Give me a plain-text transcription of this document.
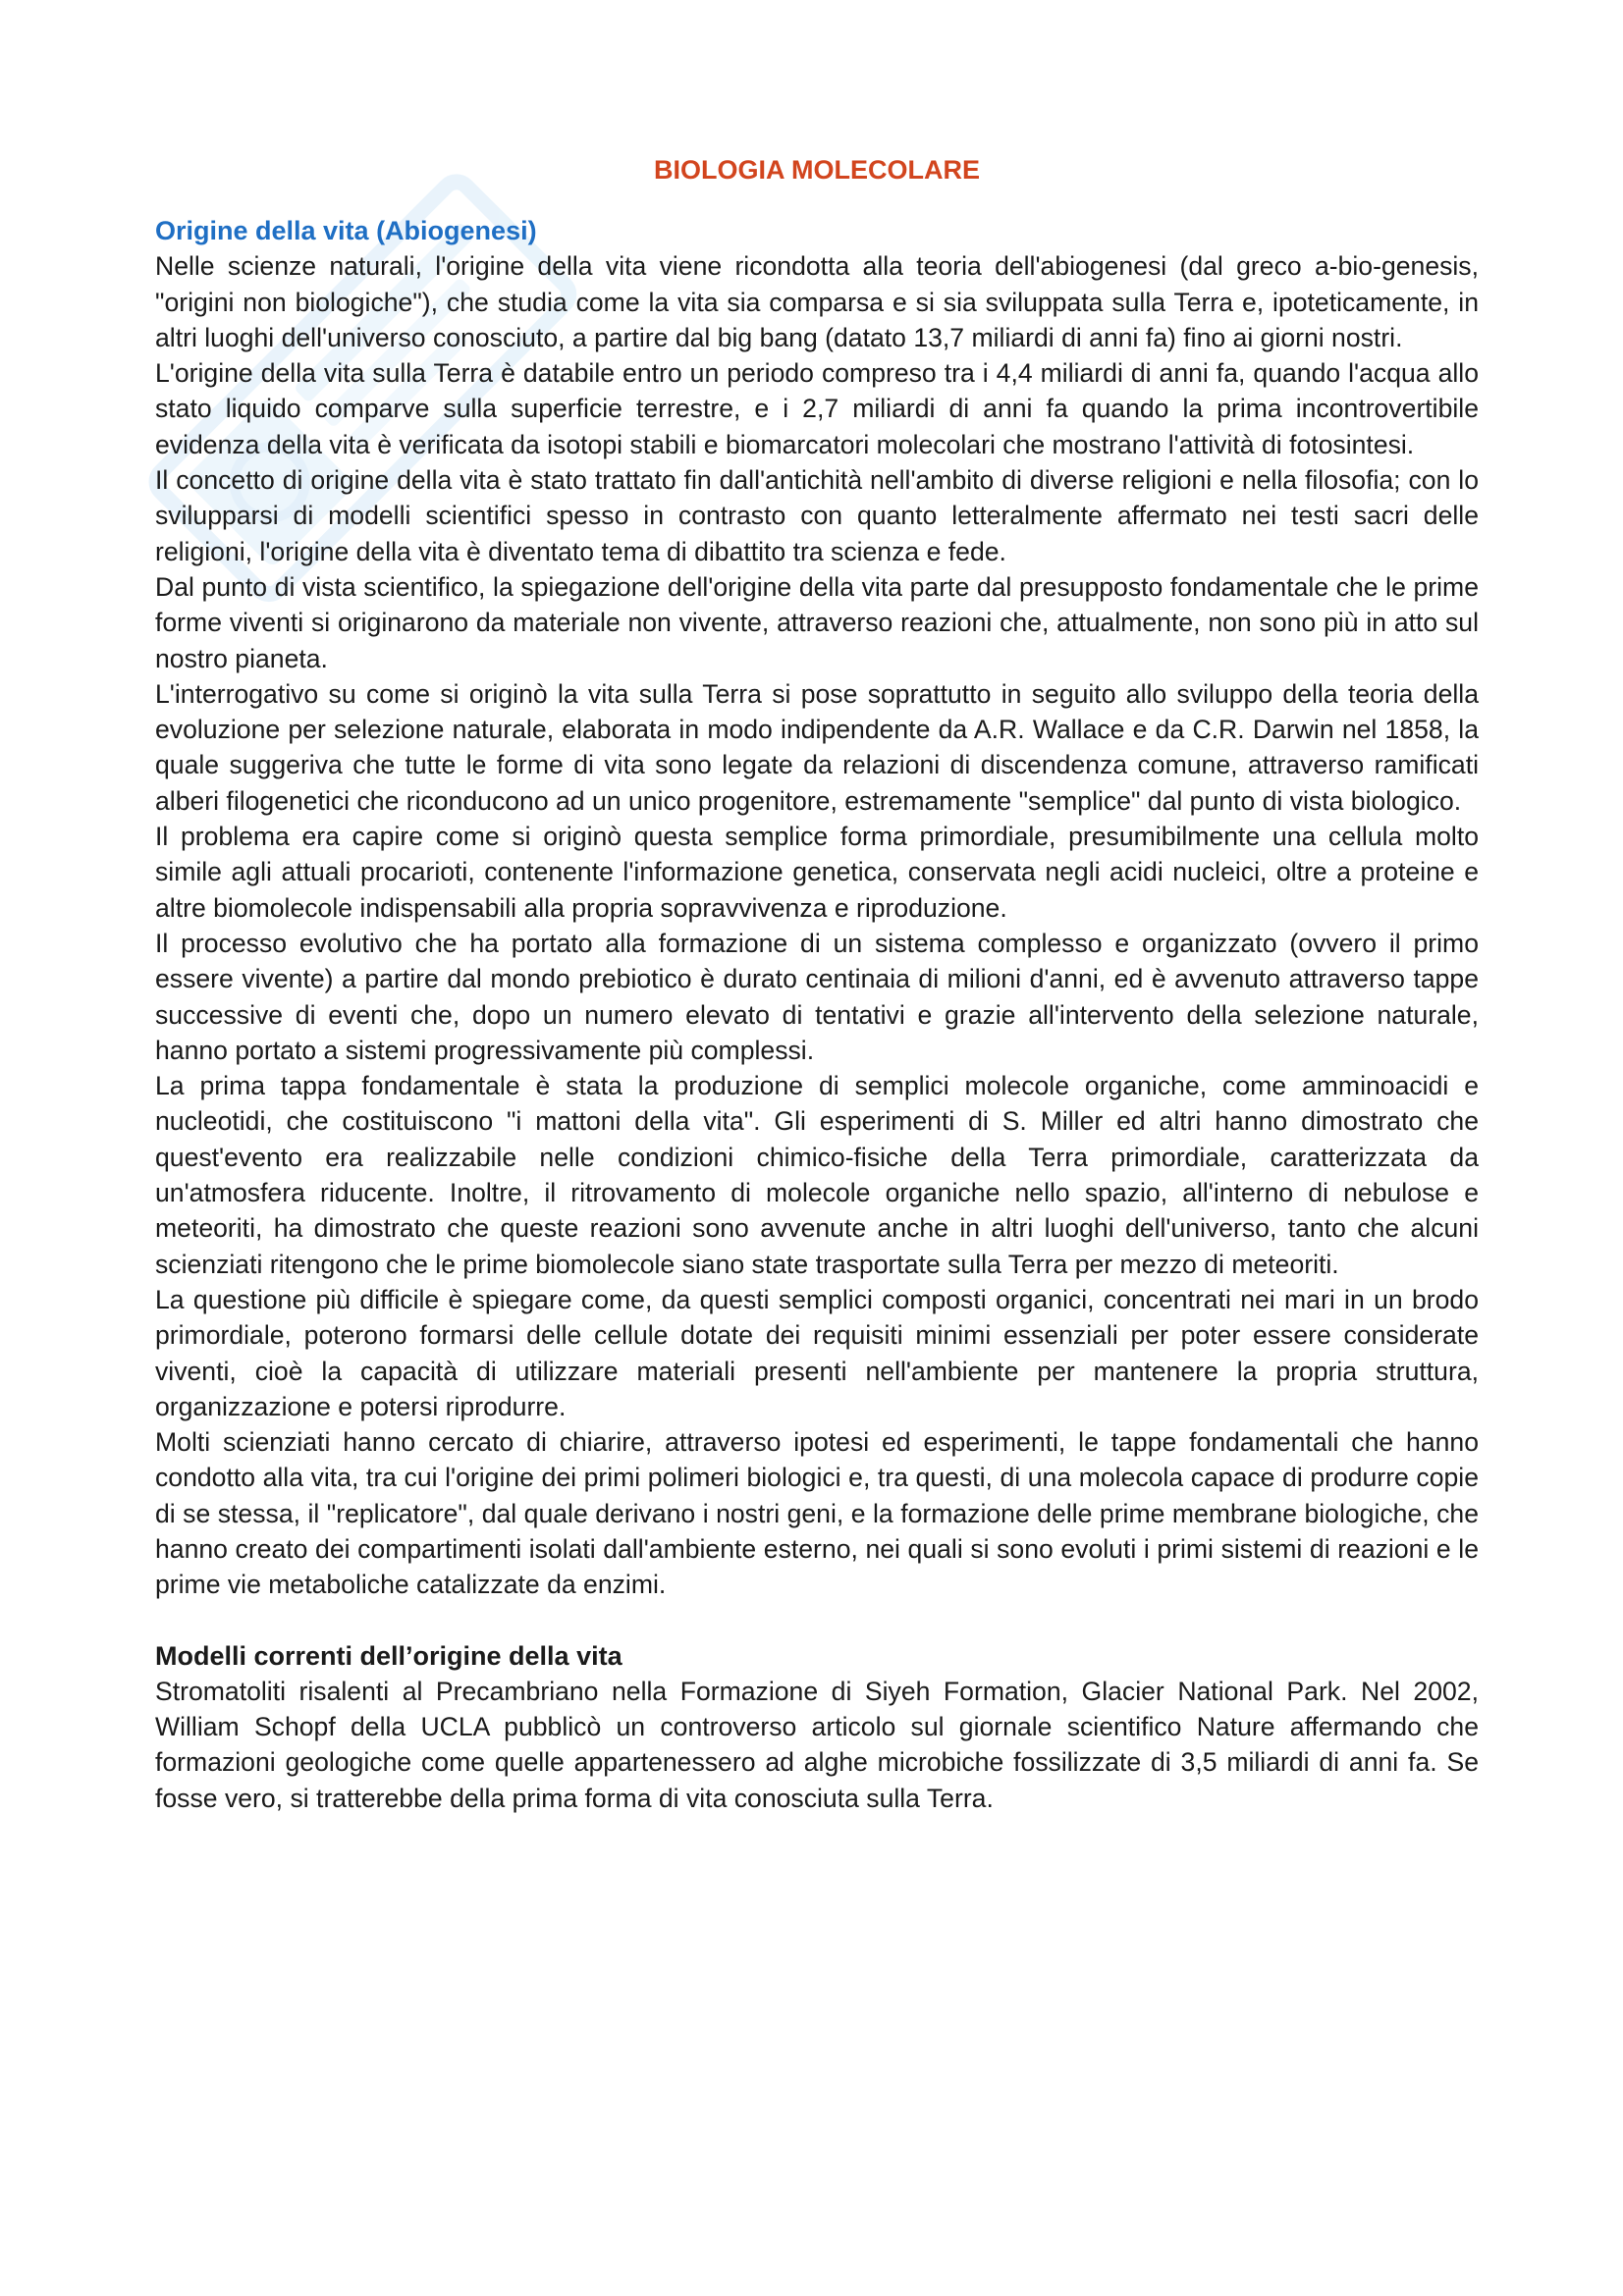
BIOLOGIA MOLECOLARE
Origine della vita (Abiogenesi)

Nelle scienze naturali, l'origine della vita viene ricondotta alla teoria dell'abiogenesi (dal greco a-bio-genesis, "origini non biologiche"), che studia come la vita sia comparsa e si sia sviluppata sulla Terra e, ipoteticamente, in altri luoghi dell'universo conosciuto, a partire dal big bang (datato 13,7 miliardi di anni fa) fino ai giorni nostri.

L'origine della vita sulla Terra è databile entro un periodo compreso tra i 4,4 miliardi di anni fa, quando l'acqua allo stato liquido comparve sulla superficie terrestre, e i 2,7 miliardi di anni fa quando la prima incontrovertibile evidenza della vita è verificata da isotopi stabili e biomarcatori molecolari che mostrano l'attività di fotosintesi.

Il concetto di origine della vita è stato trattato fin dall'antichità nell'ambito di diverse religioni e nella filosofia; con lo svilupparsi di modelli scientifici spesso in contrasto con quanto letteralmente affermato nei testi sacri delle religioni, l'origine della vita è diventato tema di dibattito tra scienza e fede.

Dal punto di vista scientifico, la spiegazione dell'origine della vita parte dal presupposto fondamentale che le prime forme viventi si originarono da materiale non vivente, attraverso reazioni che, attualmente, non sono più in atto sul nostro pianeta.

L'interrogativo su come si originò la vita sulla Terra si pose soprattutto in seguito allo sviluppo della teoria della evoluzione per selezione naturale, elaborata in modo indipendente da A.R. Wallace e da C.R. Darwin nel 1858, la quale suggeriva che tutte le forme di vita sono legate da relazioni di discendenza comune, attraverso ramificati alberi filogenetici che riconducono ad un unico progenitore, estremamente "semplice" dal punto di vista biologico.

Il problema era capire come si originò questa semplice forma primordiale, presumibilmente una cellula molto simile agli attuali procarioti, contenente l'informazione genetica, conservata negli acidi nucleici, oltre a proteine e altre biomolecole indispensabili alla propria sopravvivenza e riproduzione.

Il processo evolutivo che ha portato alla formazione di un sistema complesso e organizzato (ovvero il primo essere vivente) a partire dal mondo prebiotico è durato centinaia di milioni d'anni, ed è avvenuto attraverso tappe successive di eventi che, dopo un numero elevato di tentativi e grazie all'intervento della selezione naturale, hanno portato a sistemi progressivamente più complessi.

La prima tappa fondamentale è stata la produzione di semplici molecole organiche, come amminoacidi e nucleotidi, che costituiscono "i mattoni della vita". Gli esperimenti di S. Miller ed altri hanno dimostrato che quest'evento era realizzabile nelle condizioni chimico-fisiche della Terra primordiale, caratterizzata da un'atmosfera riducente. Inoltre, il ritrovamento di molecole organiche nello spazio, all'interno di nebulose e meteoriti, ha dimostrato che queste reazioni sono avvenute anche in altri luoghi dell'universo, tanto che alcuni scienziati ritengono che le prime biomolecole siano state trasportate sulla Terra per mezzo di meteoriti.

La questione più difficile è spiegare come, da questi semplici composti organici, concentrati nei mari in un brodo primordiale, poterono formarsi delle cellule dotate dei requisiti minimi essenziali per poter essere considerate viventi, cioè la capacità di utilizzare materiali presenti nell'ambiente per mantenere la propria struttura, organizzazione e potersi riprodurre.

Molti scienziati hanno cercato di chiarire, attraverso ipotesi ed esperimenti, le tappe fondamentali che hanno condotto alla vita, tra cui l'origine dei primi polimeri biologici e, tra questi, di una molecola capace di produrre copie di se stessa, il "replicatore", dal quale derivano i nostri geni, e la formazione delle prime membrane biologiche, che hanno creato dei compartimenti isolati dall'ambiente esterno, nei quali si sono evoluti i primi sistemi di reazioni e le prime vie metaboliche catalizzate da enzimi.

Modelli correnti dell’origine della vita

Stromatoliti risalenti al Precambriano nella Formazione di Siyeh Formation, Glacier National Park. Nel 2002, William Schopf della UCLA pubblicò un controverso articolo sul giornale scientifico Nature affermando che formazioni geologiche come quelle appartenessero ad alghe microbiche fossilizzate di 3,5 miliardi di anni fa. Se fosse vero, si tratterebbe della prima forma di vita conosciuta sulla Terra.
